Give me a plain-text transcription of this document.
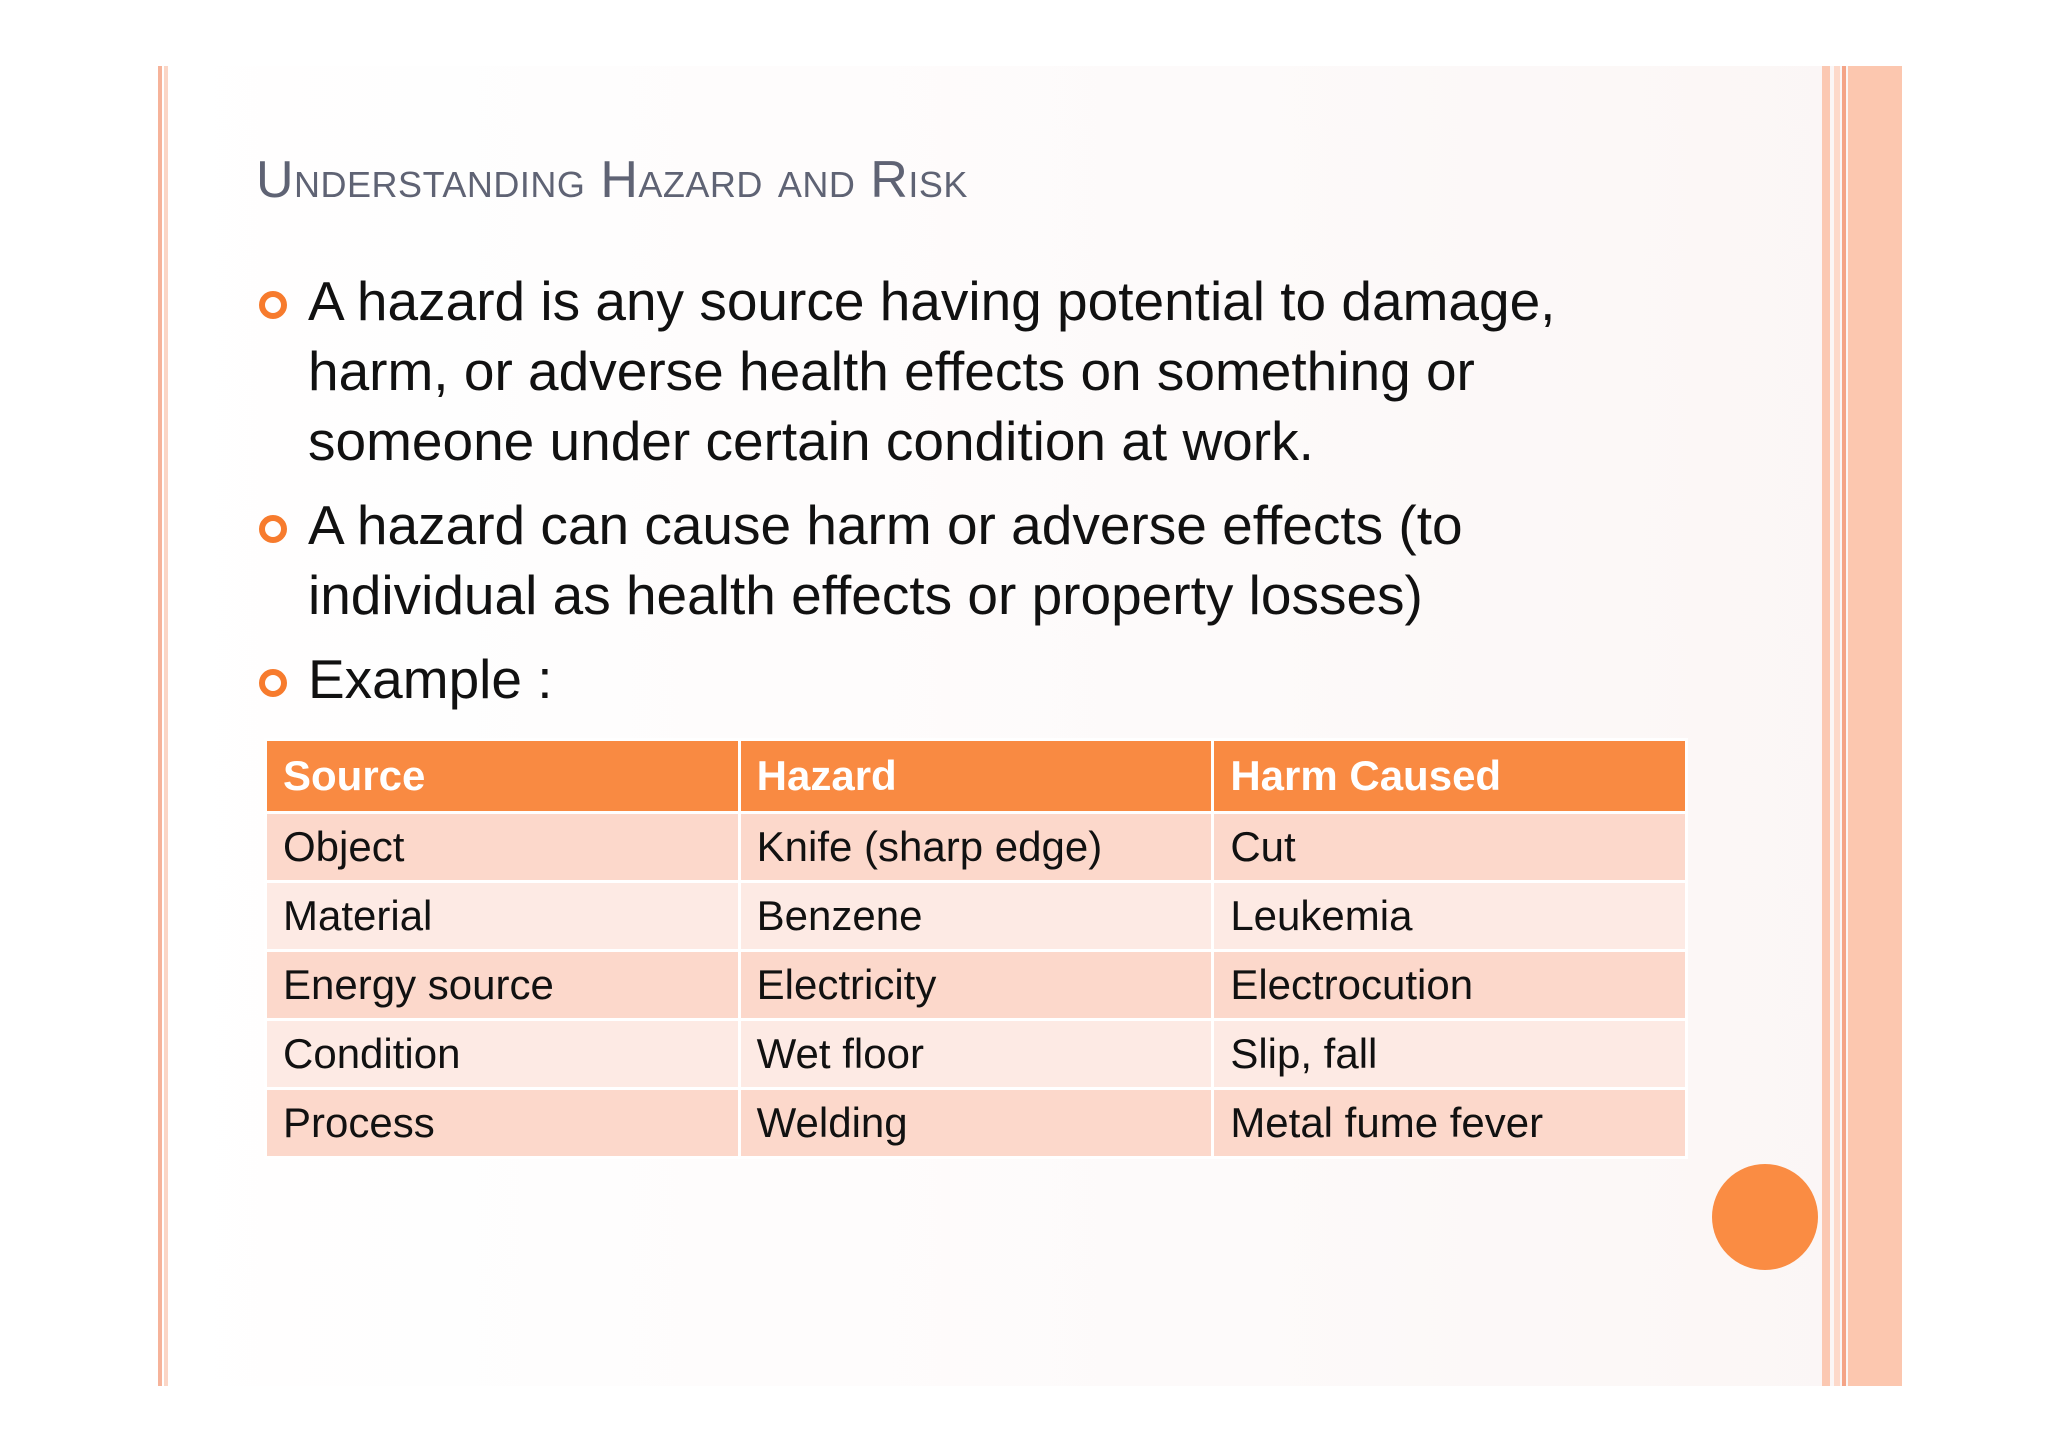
Understanding Hazard and Risk
A hazard is any source having potential to damage, harm, or adverse health effects on something or someone under certain condition at work.
A hazard can cause harm or adverse effects (to individual as health effects or property losses)
Example :
Source	Hazard	Harm Caused
Object	Knife (sharp edge)	Cut
Material	Benzene	Leukemia
Energy source	Electricity	Electrocution
Condition	Wet floor	Slip, fall
Process	Welding	Metal fume fever
